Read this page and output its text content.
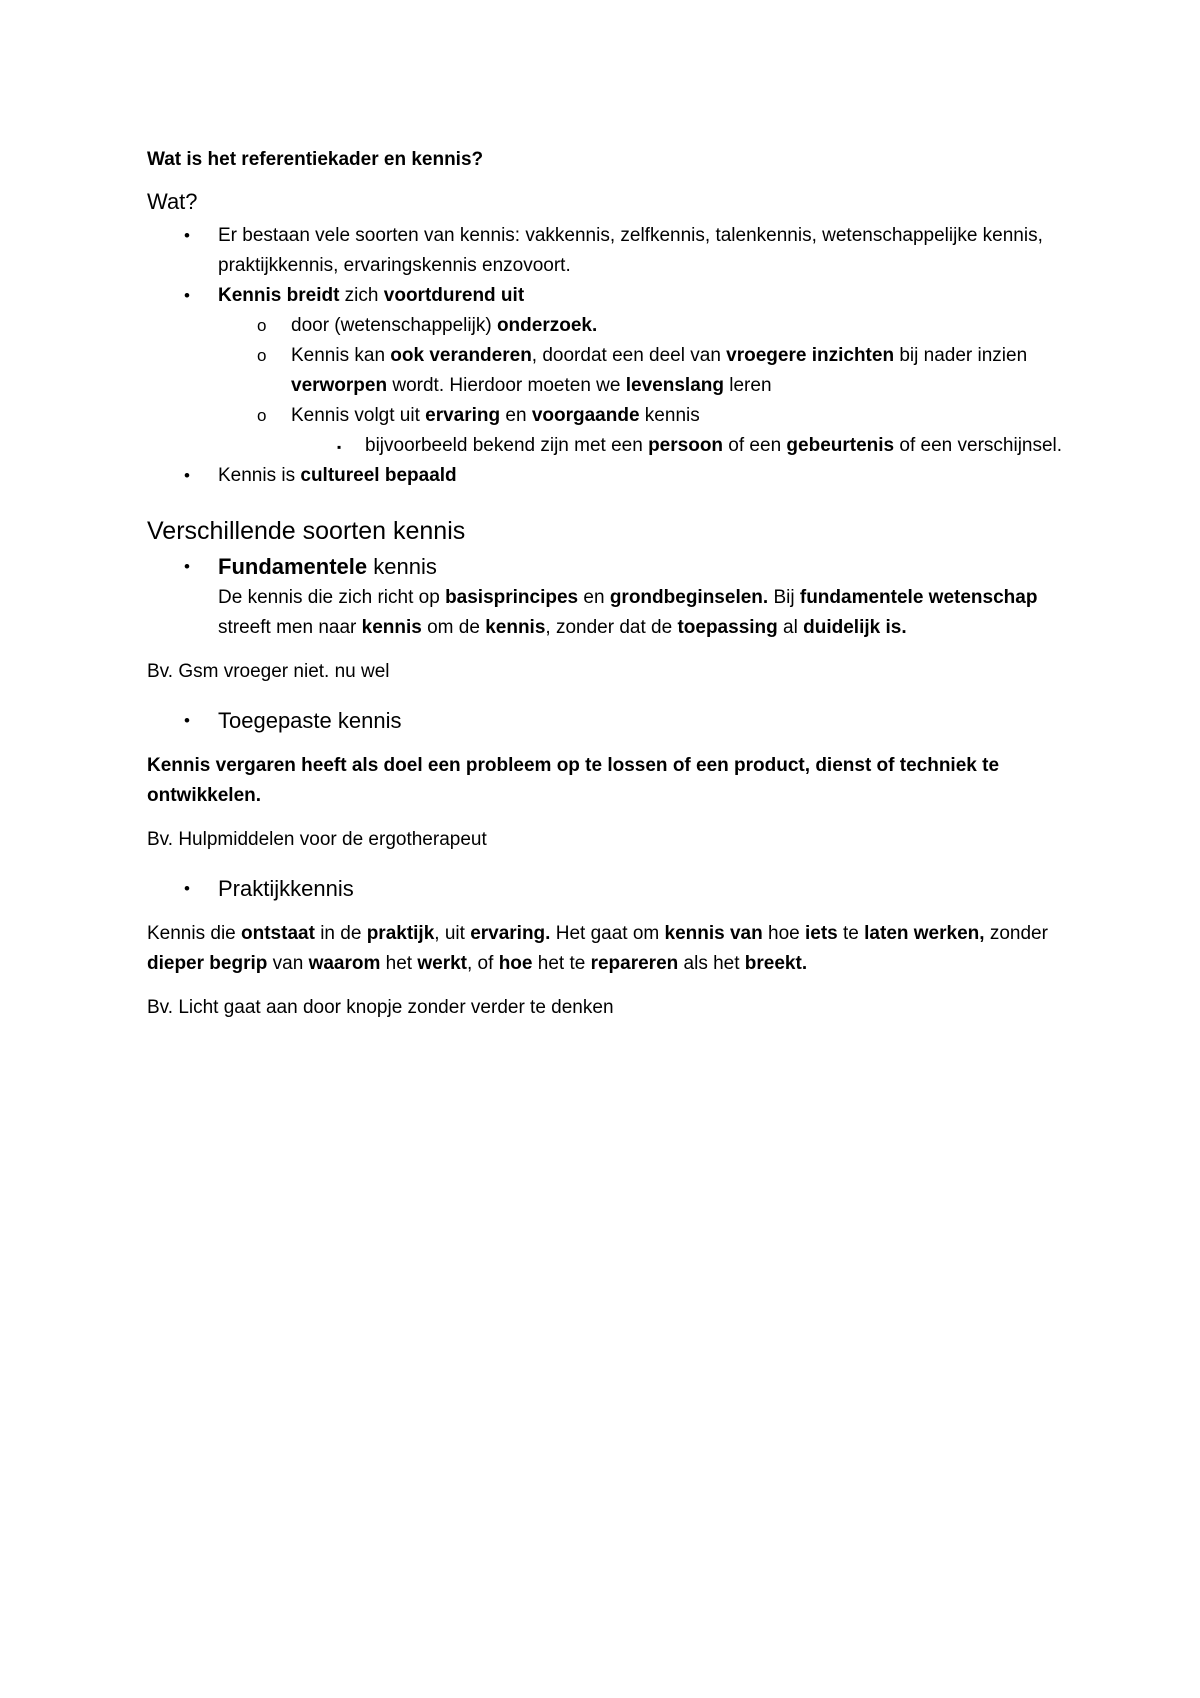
Wat is het referentiekader en kennis?
Wat?
• Er bestaan vele soorten van kennis: vakkennis, zelfkennis, talenkennis, wetenschappelijke kennis, praktijkkennis, ervaringskennis enzovoort.
• Kennis breidt zich voortdurend uit
o door (wetenschappelijk) onderzoek.
o Kennis kan ook veranderen, doordat een deel van vroegere inzichten bij nader inzien verworpen wordt. Hierdoor moeten we levenslang leren
o Kennis volgt uit ervaring en voorgaande kennis
▪ bijvoorbeeld bekend zijn met een persoon of een gebeurtenis of een verschijnsel.
• Kennis is cultureel bepaald
Verschillende soorten kennis
• Fundamentele kennis
De kennis die zich richt op basisprincipes en grondbeginselen. Bij fundamentele wetenschap streeft men naar kennis om de kennis, zonder dat de toepassing al duidelijk is.
Bv. Gsm vroeger niet. nu wel
• Toegepaste kennis
Kennis vergaren heeft als doel een probleem op te lossen of een product, dienst of techniek te ontwikkelen.
Bv. Hulpmiddelen voor de ergotherapeut
• Praktijkkennis
Kennis die ontstaat in de praktijk, uit ervaring. Het gaat om kennis van hoe iets te laten werken, zonder dieper begrip van waarom het werkt, of hoe het te repareren als het breekt.
Bv. Licht gaat aan door knopje zonder verder te denken
